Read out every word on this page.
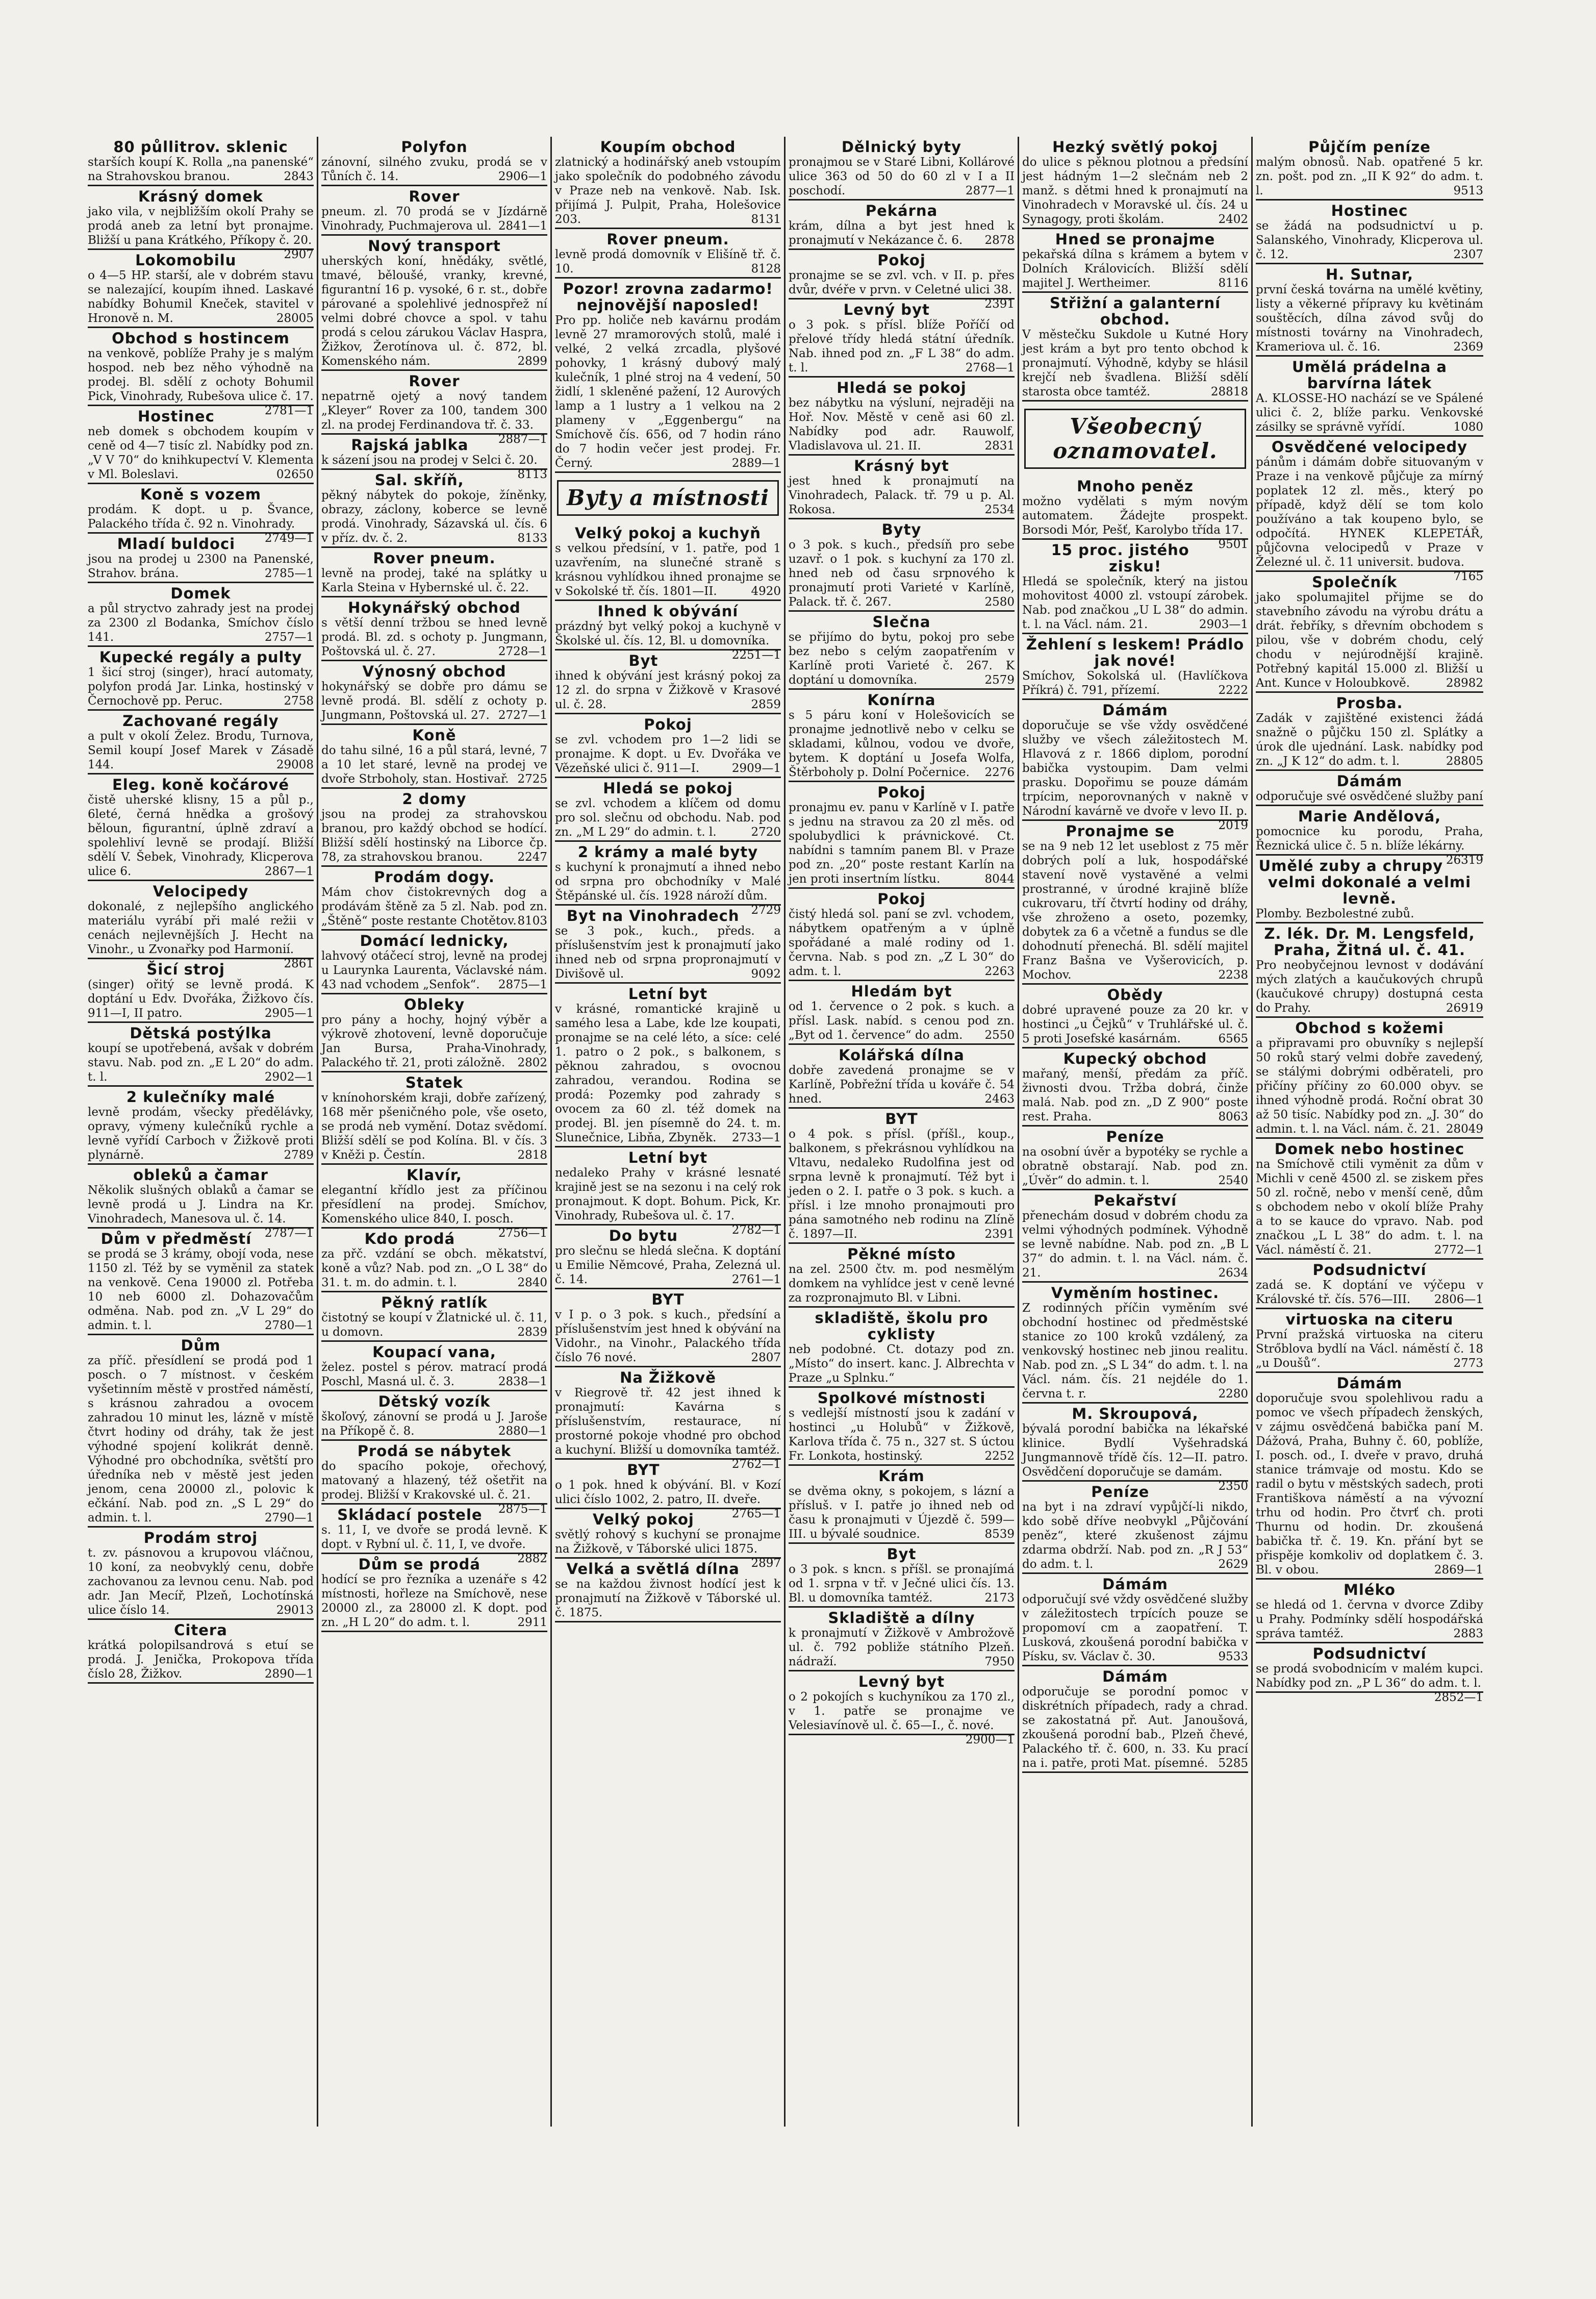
80 půllitrov. sklenic
starších koupí K. Rolla „na panenské“ na Strahovskou branou.	2843
Krásný domek
jako vila, v nejbližším okolí Prahy se prodá aneb za letní byt pronajme. Bližší u pana Krátkého, Příkopy č. 20.
2907
Lokomobilu
o 4—5 HP. starší, ale v dobrém stavu se nalezající, koupím ihned. Laskavé nabídky Bohumil Kneček, stavitel v Hronově n. M.	28005
Obchod s hostincem
na venkově, poblíže Prahy je s malým hospod. neb bez něho výhodně na prodej. Bl. sdělí z ochoty Bohumil Pick, Vinohrady, Rubešova ulice č. 17.
2781—1
Hostinec
neb domek s obchodem koupím v ceně od 4—7 tisíc zl. Nabídky pod zn. „V V 70“ do knihkupectví V. Klementa v Ml. Boleslavi.	02650
Koně s vozem
prodám. K dopt. u p. Švance, Palackého třída č. 92 n. Vinohrady.
2749—1
Mladí buldoci
jsou na prodej u 2300 na Panenské, Strahov. brána.	2785—1
Domek
a půl stryctvo zahrady jest na prodej za 2300 zl Bodanka, Smíchov číslo 141.	2757—1
Kupecké regály a pulty
1 šicí stroj (singer), hrací automaty, polyfon prodá Jar. Linka, hostinský v Černochově pp. Peruc.	2758
Zachované regály
a pult v okolí Želez. Brodu, Turnova, Semil koupí Josef Marek v Zásadě 144.	29008
Eleg. koně kočárové
čistě uherské klisny, 15 a půl p., 6leté, černá hnědka a grošový běloun, figurantní, úplně zdraví a spolehliví levně se prodají. Bližší sdělí V. Šebek, Vinohrady, Klicperova ulice 6.	2867—1
Velocipedy
dokonalé, z nejlepšího anglického materiálu vyrábí při malé režii v cenách nejlevnějších J. Hecht na Vinohr., u Zvonařky pod Harmonií.
2861
Šicí stroj
(singer) ořitý se levně prodá. K doptání u Edv. Dvořáka, Žižkovo čís. 911—I, II patro.	2905—1
Dětská postýlka
koupí se upotřebená, avšak v dobrém stavu. Nab. pod zn. „E L 20“ do adm. t. l.	2902—1
2 kulečníky malé
levně prodám, všecky předělávky, opravy, výmeny kulečníků rychle a levně vyřídí Carboch v Žižkově proti plynárně.	2789
obleků a čamar
Několik slušných oblaků a čamar se levně prodá u J. Lindra na Kr. Vinohradech, Manesova ul. č. 14.
2787—1
Dům v předměstí
se prodá se 3 krámy, obojí voda, nese 1150 zl. Též by se vyměnil za statek na venkově. Cena 19000 zl. Potřeba 10 neb 6000 zl. Dohazovačům odměna. Nab. pod zn. „V L 29“ do admin. t. l.	2780—1
Dům
za příč. přesídlení se prodá pod 1 posch. o 7 místnost. v českém vyšetinním městě v prostřed náměstí, s krásnou zahradou a ovocem zahradou 10 minut les, lázně v místě čtvrt hodiny od dráhy, tak že jest výhodné spojení kolikrát denně. Výhodné pro obchodníka, světští pro úředníka neb v městě jest jeden jenom, cena 20000 zl., polovic k ečkání. Nab. pod zn. „S L 29“ do admin. t. l.	2790—1
Prodám stroj
t. zv. pásnovou a krupovou vláčnou, 10 koní, za neobvyklý cenu, dobře zachovanou za levnou cenu. Nab. pod adr. Jan Mecíř, Plzeň, Lochotínská ulice číslo 14.	29013
Citera
krátká polopilsandrová s etuí se prodá. J. Jenička, Prokopova třída číslo 28, Žižkov.	2890—1
Polyfon
zánovní, silného zvuku, prodá se v Tůních č. 14.	2906—1
Rover
pneum. zl. 70 prodá se v Jízdárně Vinohrady, Puchmajerova ul. 2841—1
Nový transport
uherských koní, hnědáky, světlé, tmavé, běloušé, vranky, krevné, figurantní 16 p. vysoké, 6 r. st., dobře párované a spolehlivé jednospřež ní velmi dobré chovce a spol. v tahu prodá s celou zárukou Václav Haspra, Žižkov, Žerotínova ul. č. 872, bl. Komenského nám.	2899
Rover
nepatrně ojetý a nový tandem „Kleyer“ Rover za 100, tandem 300 zl. na prodej Ferdinandova tř. č. 33.
2887—1
Rajská jablka
k sázení jsou na prodej v Selci č. 20.
8113
Sal. skříň,
pěkný nábytek do pokoje, žíněnky, obrazy, záclony, koberce se levně prodá. Vinohrady, Sázavská ul. čís. 6 v příz. dv. č. 2.	8133
Rover pneum.
levně na prodej, také na splátky u Karla Steina v Hybernské ul. č. 22.
Hokynářský obchod
s větší denní tržbou se hned levně prodá. Bl. zd. s ochoty p. Jungmann, Poštovská ul. č. 27.	2728—1
Výnosný obchod
hokynářský se dobře pro dámu se levně prodá. Bl. sdělí z ochoty p. Jungmann, Poštovská ul. 27. 2727—1
Koně
do tahu silné, 16 a půl stará, levné, 7 a 10 let staré, levně na prodej ve dvoře Strboholy, stan. Hostivař. 2725
2 domy
jsou na prodej za strahovskou branou, pro každý obchod se hodící. Bližší sdělí hostinský na Liborce čp. 78, za strahovskou branou.	2247
Prodám dogy.
Mám chov čistokrevných dog a prodávám štěně za 5 zl. Nab. pod zn. „Štěně“ poste restante Chotětov. 8103
Domácí lednicky,
lahvový otáčecí stroj, levně na prodej u Laurynka Laurenta, Václavské nám. 43 nad vchodem „Senfok“. 2875—1
Obleky
pro pány a hochy, hojný výběr a výkrově zhotovení, levně doporučuje Jan Bursa, Praha-Vinohrady, Palackého tř. 21, proti záložně. 2802
Statek
v knínohorském kraji, dobře zařízený, 168 měr pšeničného pole, vše oseto, se prodá neb vymění. Dotaz svědomí. Bližší sdělí se pod Kolína. Bl. v čís. 3 v Kněži p. Čestín.	2818
Klavír,
elegantní křídlo jest za příčinou přesídlení na prodej. Smíchov, Komenského ulice 840, I. posch.
2756—1
Kdo prodá
za přč. vzdání se obch. měkatství, koně a vůz? Nab. pod zn. „O L 38“ do 31. t. m. do admin. t. l.	2840
Pěkný ratlík
čistotný se koupí v Žlatnické ul. č. 11, u domovn.	2839
Koupací vana,
želez. postel s pérov. matrací prodá Poschl, Masná ul. č. 3.	2838—1
Dětský vozík
škoľový, zánovní se prodá u J. Jaroše na Příkopě č. 8.	2880—1
Prodá se nábytek
do spacího pokoje, ořechový, matovaný a hlazený, též ošetřit na prodej. Bližší v Krakovské ul. č. 21.
2875—1
Skládací postele
s. 11, I, ve dvoře se prodá levně. K dopt. v Rybní ul. č. 11, I, ve dvoře.
2882
Dům se prodá
hodící se pro řezníka a uzenáře s 42 místnosti, hořleze na Smíchově, nese 20000 zl., za 28000 zl. K dopt. pod zn. „H L 20“ do adm. t. l.	2911
Koupím obchod
zlatnický a hodinářský aneb vstoupím jako společník do podobného závodu v Praze neb na venkově. Nab. Isk. přijímá J. Pulpit, Praha, Holešovice 203.	8131
Rover pneum.
levně prodá domovník v Elišíně tř. č. 10.	8128
Pozor! zrovna zadarmo! nejnovější naposled!
Pro pp. holiče neb kavárnu prodám levně 27 mramorových stolů, malé i velké, 2 velká zrcadla, plyšové pohovky, 1 krásný dubový malý kulečník, 1 plné stroj na 4 vedení, 50 židlí, 1 skleněné pažení, 12 Aurových lamp a 1 lustry a 1 velkou na 2 plameny v „Eggenbergu“ na Smíchově čís. 656, od 7 hodin ráno do 7 hodin večer jest prodej. Fr. Černý.	2889—1
Byty a místnosti
Velký pokoj a kuchyň
s velkou předsíní, v 1. patře, pod 1 uzavřením, na slunečné straně s krásnou vyhlídkou ihned pronajme se v Sokolské tř. čís. 1801—II.	4920
Ihned k obývání
prázdný byt velký pokoj a kuchyně v Školské ul. čís. 12, Bl. u domovníka.
2251—1
Byt
ihned k obývání jest krásný pokoj za 12 zl. do srpna v Žižkově v Krasové ul. č. 28.	2859
Pokoj
se zvl. vchodem pro 1—2 lidi se pronajme. K dopt. u Ev. Dvořáka ve Vězeňské ulici č. 911—I.	2909—1
Hledá se pokoj
se zvl. vchodem a klíčem od domu pro sol. slečnu od obchodu. Nab. pod zn. „M L 29“ do admin. t. l.	2720
2 krámy a malé byty
s kuchyní k pronajmutí a ihned nebo od srpna pro obchodníky v Malé Štěpánské ul. čís. 1928 nároží dům.
2729
Byt na Vinohradech
se 3 pok., kuch., předs. a příslušenstvím jest k pronajmutí jako ihned neb od srpna propronajmutí v Divišově ul.	9092
Letní byt
v krásné, romantické krajině u samého lesa a Labe, kde lze koupati, pronajme se na celé léto, a síce: celé 1. patro o 2 pok., s balkonem, s pěknou zahradou, s ovocnou zahradou, verandou. Rodina se prodá: Pozemky pod zahrady s ovocem za 60 zl. též domek na prodej. Bl. jen písemně do 24. t. m. Slunečnice, Libňa, Zbyněk. 2733—1
Letní byt
nedaleko Prahy v krásné lesnaté krajině jest se na sezonu i na celý rok pronajmout. K dopt. Bohum. Pick, Kr. Vinohrady, Rubešova ul. č. 17.
2782—1
Do bytu
pro slečnu se hledá slečna. K doptání u Emilie Němcové, Praha, Zelezná ul. č. 14.	2761—1
BYT
v I p. o 3 pok. s kuch., předsíní a příslušenstvím jest hned k obývání na Vidohr., na Vinohr., Palackého třída číslo 76 nové.	2807
Na Žižkově
v Riegrově tř. 42 jest ihned k pronajmutí: Kavárna s příslušenstvím, restaurace, ní prostorné pokoje vhodné pro obchod a kuchyní. Bližší u domovníka tamtéž.
2762—1
BYT
o 1 pok. hned k obývání. Bl. v Kozí ulici číslo 1002, 2. patro, II. dveře.
2765—1
Velký pokoj
světlý rohový s kuchyní se pronajme na Žižkově, v Táborské ulici 1875.
2897
Velká a světlá dílna
se na každou živnost hodící jest k pronajmutí na Žižkově v Táborské ul. č. 1875.
Dělnický byty
pronajmou se v Staré Libni, Kollárové ulice 363 od 50 do 60 zl v I a II poschodí.	2877—1
Pekárna
krám, dílna a byt jest hned k pronajmutí v Nekázance č. 6. 2878
Pokoj
pronajme se se zvl. vch. v II. p. přes dvůr, dvéře v prvn. v Celetné ulici 38.
2391
Levný byt
o 3 pok. s přísl. blíže Poříčí od přelové třídy hledá státní úředník. Nab. ihned pod zn. „F L 38“ do adm. t. l.	2768—1
Hledá se pokoj
bez nábytku na výsluní, nejraději na Hoř. Nov. Městě v ceně asi 60 zl. Nabídky pod adr. Rauwolf, Vladislavova ul. 21. II.	2831
Krásný byt
jest hned k pronajmutí na Vinohradech, Palack. tř. 79 u p. Al. Rokosa.	2534
Byty
o 3 pok. s kuch., předsíň pro sebe uzavř. o 1 pok. s kuchyní za 170 zl. hned neb od času srpnového k pronajmutí proti Varieté v Karlíně, Palack. tř. č. 267.	2580
Slečna
se přijímo do bytu, pokoj pro sebe bez nebo s celým zaopatřením v Karlíně proti Varieté č. 267. K doptání u domovníka.	2579
Konírna
s 5 páru koní v Holešovicích se pronajme jednotlivě nebo v celku se skladami, kůlnou, vodou ve dvoře, bytem. K doptání u Josefa Wolfa, Štěrboholy p. Dolní Počernice. 2276
Pokoj
pronajmu ev. panu v Karlíně v I. patře s jednu na stravou za 20 zl měs. od spolubydlici k právnickové. Ct. nabídni s tamním panem Bl. v Praze pod zn. „20“ poste restant Karlín na jen proti insertním lístku.	8044
Pokoj
čistý hledá sol. paní se zvl. vchodem, nábytkem opatřeným a v úplně spořádané a malé rodiny od 1. června. Nab. s pod zn. „Z L 30“ do adm. t. l.	2263
Hledám byt
od 1. července o 2 pok. s kuch. a přísl. Lask. nabíd. s cenou pod zn. „Byt od 1. července“ do adm. 2550
Kolářská dílna
dobře zavedená pronajme se v Karlíně, Pobřežní třída u kováře č. 54 hned.	2463
BYT
o 4 pok. s přísl. (příšl., koup., balkonem, s překrásnou vyhlídkou na Vltavu, nedaleko Rudolfina jest od srpna levně k pronajmutí. Též byt i jeden o 2. I. patře o 3 pok. s kuch. a přísl. i lze mnoho pronajmouti pro pána samotného neb rodinu na Zlíně č. 1897—II.	2391
Pěkné místo
na zel. 2500 čtv. m. pod nesmělým domkem na vyhlídce jest v ceně levné za rozpronajmuto Bl. v Libni.
skladiště, školu pro cyklisty
neb podobné. Ct. dotazy pod zn. „Místo“ do insert. kanc. J. Albrechta v Praze „u Splnku.“
Spolkové místnosti
s vedlejší místností jsou k zadání v hostinci „u Holubů“ v Žižkově, Karlova třída č. 75 n., 327 st. S úctou Fr. Lonkota, hostinský.	2252
Krám
se dvěma okny, s pokojem, s lázní a přísluš. v I. patře jo ihned neb od času k pronajmuti v Újezdě č. 599—III. u bývalé soudnice.	8539
Byt
o 3 pok. s kncn. s příšl. se pronajímá od 1. srpna v tř. v Ječné ulici čís. 13. Bl. u domovníka tamtéž.	2173
Skladiště a dílny
k pronajmutí v Žižkově v Ambrožově ul. č. 792 pobliže státního Plzeň. nádraží.	7950
Levný byt
o 2 pokojích s kuchyníkou za 170 zl., v 1. patře se pronajme ve Velesiavínově ul. č. 65—I., č. nové.
2900—1
Hezký světlý pokoj
do ulice s pěknou plotnou a předsíní jest hádným 1—2 slečnám neb 2 manž. s dětmi hned k pronajmutí na Vinohradech v Moravské ul. čís. 24 u Synagogy, proti školám.	2402
Hned se pronajme
pekařská dílna s krámem a bytem v Dolních Královicích. Bližší sdělí majitel J. Wertheimer.	8116
Střižní a galanterní obchod.
V městečku Sukdole u Kutné Hory jest krám a byt pro tento obchod k pronajmutí. Výhodně, kdyby se hlásil krejčí neb švadlena. Bližší sdělí starosta obce tamtéž.	28818
Všeobecný oznamovatel.
Mnoho peněz
možno vydělati s mým novým automatem. Žádejte prospekt. Borsodi Mór, Pešť, Karolybo třída 17.
9501
15 proc. jistého zisku!
Hledá se společník, který na jistou mohovitost 4000 zl. vstoupí zárobek. Nab. pod značkou „U L 38“ do admin. t. l. na Václ. nám. 21.	2903—1
Žehlení s leskem! Prádlo jak nové!
Smíchov, Sokolská ul. (Havlíčkova Příkrá) č. 791, přízemí.	2222
Dámám
doporučuje se vše vždy osvědčené služby ve všech záležitostech M. Hlavová z r. 1866 diplom, porodní babička vystoupim. Dam velmi prasku. Dopořimu se pouze dámám trpícim, neporovnaných v nakně v Národní kavárně ve dvoře v levo II. p.
2019
Pronajme se
se na 9 neb 12 let useblost z 75 měr dobrých polí a luk, hospodářské stavení nově vystavěné a velmi prostranné, v úrodné krajině blíže cukrovaru, tří čtvrtí hodiny od dráhy, vše zhroženo a oseto, pozemky, dobytek za 6 a včetně a fundus se dle dohodnutí přenechá. Bl. sdělí majitel Franz Bašna ve Vyšerovicích, p. Mochov.	2238
Obědy
dobré upravené pouze za 20 kr. v hostinci „u Čejků“ v Truhlářské ul. č. 5 proti Josefské kasárnám.	6565
Kupecký obchod
mařaný, menší, předám za příč. živnosti dvou. Tržba dobrá, činže malá. Nab. pod zn. „D Z 900“ poste rest. Praha.	8063
Peníze
na osobní úvěr a bypotéky se rychle a obratně obstarají. Nab. pod zn. „Úvěr“ do admin. t. l.	2540
Pekařství
přenechám dosud v dobrém chodu za velmi výhodných podmínek. Výhodně se levně nabídne. Nab. pod zn. „B L 37“ do admin. t. l. na Václ. nám. č. 21.	2634
Vyměním hostinec.
Z rodinných příčin vyměním své obchodní hostinec od předměstské stanice zo 100 kroků vzdálený, za venkovský hostinec neb jinou realitu. Nab. pod zn. „S L 34“ do adm. t. l. na Václ. nám. čís. 21 nejdéle do 1. června t. r.	2280
M. Skroupová,
bývalá porodní babička na lékařské klinice. Bydlí Vyšehradská Jungmannově třídě čís. 12—II. patro. Osvědčení doporučuje se damám.
2350
Peníze
na byt i na zdraví vypůjčí-li nikdo, kdo sobě dříve neobvykl „Půjčování peněz“, které zkušenost zájmu zdarma obdrží. Nab. pod zn. „R J 53“ do adm. t. l.	2629
Dámám
odporučují své vždy osvědčené služby v záležitostech trpících pouze se propomoví cm a zaopatření. T. Lusková, zkoušená porodní babička v Písku, sv. Václav č. 30.	9533
Dámám
odporučuje se porodní pomoc v diskrétních případech, rady a chrad. se zakostatná př. Aut. Janoušová, zkoušená porodní bab., Plzeň čhevé, Palackého tř. č. 600, n. 33. Ku prací na i. patře, proti Mat. písemné. 5285
Půjčím peníze
malým obnosů. Nab. opatřené 5 kr. zn. pošt. pod zn. „II K 92“ do adm. t. l.	9513
Hostinec
se žádá na podsudnictví u p. Salanského, Vinohrady, Klicperova ul. č. 12.	2307
H. Sutnar,
první česká továrna na umělé květiny, listy a věkerné přípravy ku květinám souštěcích, dílna závod svůj do místnosti továrny na Vinohradech, Krameriova ul. č. 16.	2369
Umělá prádelna a barvírna látek
A. KLOSSE-HO nachází se ve Spálené ulici č. 2, blíže parku. Venkovské zásilky se správně vyřídí.	1080
Osvědčené velocipedy
pánům i dámám dobře situovaným v Praze i na venkově půjčuje za mírný poplatek 12 zl. měs., který po případě, když dělí se tom kolo používáno a tak koupeno bylo, se odpočítá. HYNEK KLEPETÁŘ, půjčovna velocipedů v Praze v Železné ul. č. 11 universit. budova.
7165
Společník
jako spolumajitel přijme se do stavebního závodu na výrobu drátu a drát. řebříky, s dřevním obchodem s pilou, vše v dobrém chodu, celý chodu v nejúrodnější krajině. Potřebný kapitál 15.000 zl. Bližší u Ant. Kunce v Holoubkově.	28982
Prosba.
Zadák v zajištěné existenci žádá snažně o půjčku 150 zl. Splátky a úrok dle ujednání. Lask. nabídky pod zn. „J K 12“ do adm. t. l.	28805
Dámám
odporučuje své osvědčené služby paní
Marie Andělová,
pomocnice ku porodu, Praha, Řeznická ulice č. 5 n. blíže lékárny.
26319
Umělé zuby a chrupy velmi dokonalé a velmi levně.
Plomby. Bezbolestné zubů.
Z. lék. Dr. M. Lengsfeld, Praha, Žitná ul. č. 41.
Pro neobyčejnou levnost v dodávání mých zlatých a kaučukových chrupů (kaučukové chrupy) dostupná cesta do Prahy.	26919
Obchod s kožemi
a připravami pro obuvníky s nejlepší 50 roků starý velmi dobře zavedený, se stálými dobrými odběrateli, pro přičíny příčiny zo 60.000 obyv. se ihned výhodně prodá. Roční obrat 30 až 50 tisíc. Nabídky pod zn. „J. 30“ do admin. t. l. na Václ. nám. č. 21. 28049
Domek nebo hostinec
na Smíchově ctili vyměnit za dům v Michli v ceně 4500 zl. se ziskem přes 50 zl. ročně, nebo v menší ceně, dům s obchodem nebo v okolí blíže Prahy a to se kauce do vpravo. Nab. pod značkou „L L 38“ do adm. t. l. na Václ. náměstí č. 21.	2772—1
Podsudnictví
zadá se. K doptání ve výčepu v Královské tř. čís. 576—III. 2806—1
virtuoska na citeru
První pražská virtuoska na citeru Strőblova bydlí na Václ. náměstí č. 18 „u Doušů“.	2773
Dámám
doporučuje svou spolehlivou radu a pomoc ve všech případech ženských, v zájmu osvědčená babička paní M. Dážová, Praha, Buhny č. 60, poblíže, I. posch. od., I. dveře v pravo, druhá stanice trámvaje od mostu. Kdo se radil o bytu v městských sadech, proti Františkova náměstí a na vývozní trhu od hodin. Pro čtvrť ch. proti Thurnu od hodin. Dr. zkoušená babička tř. č. 19. Kn. přání byt se přispěje komkoliv od doplatkem č. 3. Bl. v obou.	2869—1
Mléko
se hledá od 1. června v dvorce Zdiby u Prahy. Podmínky sdělí hospodářská správa tamtéž.	2883
Podsudnictví
se prodá svobodnicím v malém kupci. Nabídky pod zn. „P L 36“ do adm. t. l.
2852—1
